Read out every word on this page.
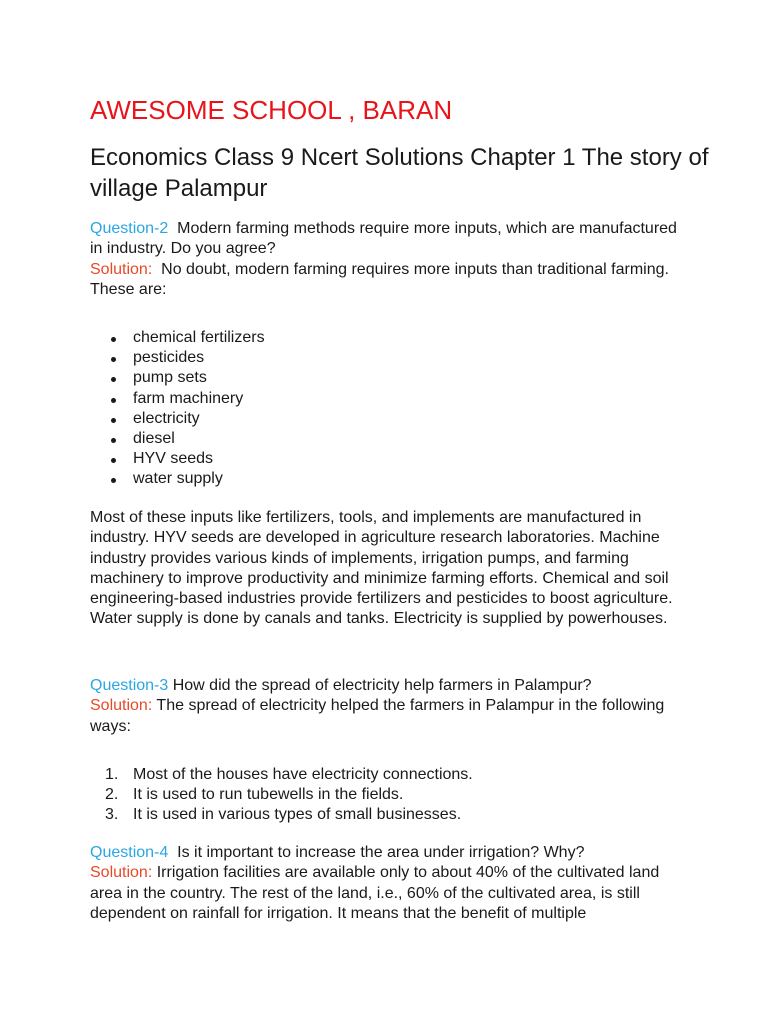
AWESOME SCHOOL , BARAN
Economics Class 9 Ncert Solutions Chapter 1 The story of village Palampur
Question-2 Modern farming methods require more inputs, which are manufactured in industry. Do you agree?
Solution: No doubt, modern farming requires more inputs than traditional farming. These are:
chemical fertilizers
pesticides
pump sets
farm machinery
electricity
diesel
HYV seeds
water supply
Most of these inputs like fertilizers, tools, and implements are manufactured in industry. HYV seeds are developed in agriculture research laboratories. Machine industry provides various kinds of implements, irrigation pumps, and farming machinery to improve productivity and minimize farming efforts. Chemical and soil engineering-based industries provide fertilizers and pesticides to boost agriculture. Water supply is done by canals and tanks. Electricity is supplied by powerhouses.
Question-3 How did the spread of electricity help farmers in Palampur?
Solution: The spread of electricity helped the farmers in Palampur in the following ways:
1. Most of the houses have electricity connections.
2. It is used to run tubewells in the fields.
3. It is used in various types of small businesses.
Question-4 Is it important to increase the area under irrigation? Why?
Solution: Irrigation facilities are available only to about 40% of the cultivated land area in the country. The rest of the land, i.e., 60% of the cultivated area, is still dependent on rainfall for irrigation. It means that the benefit of multiple
